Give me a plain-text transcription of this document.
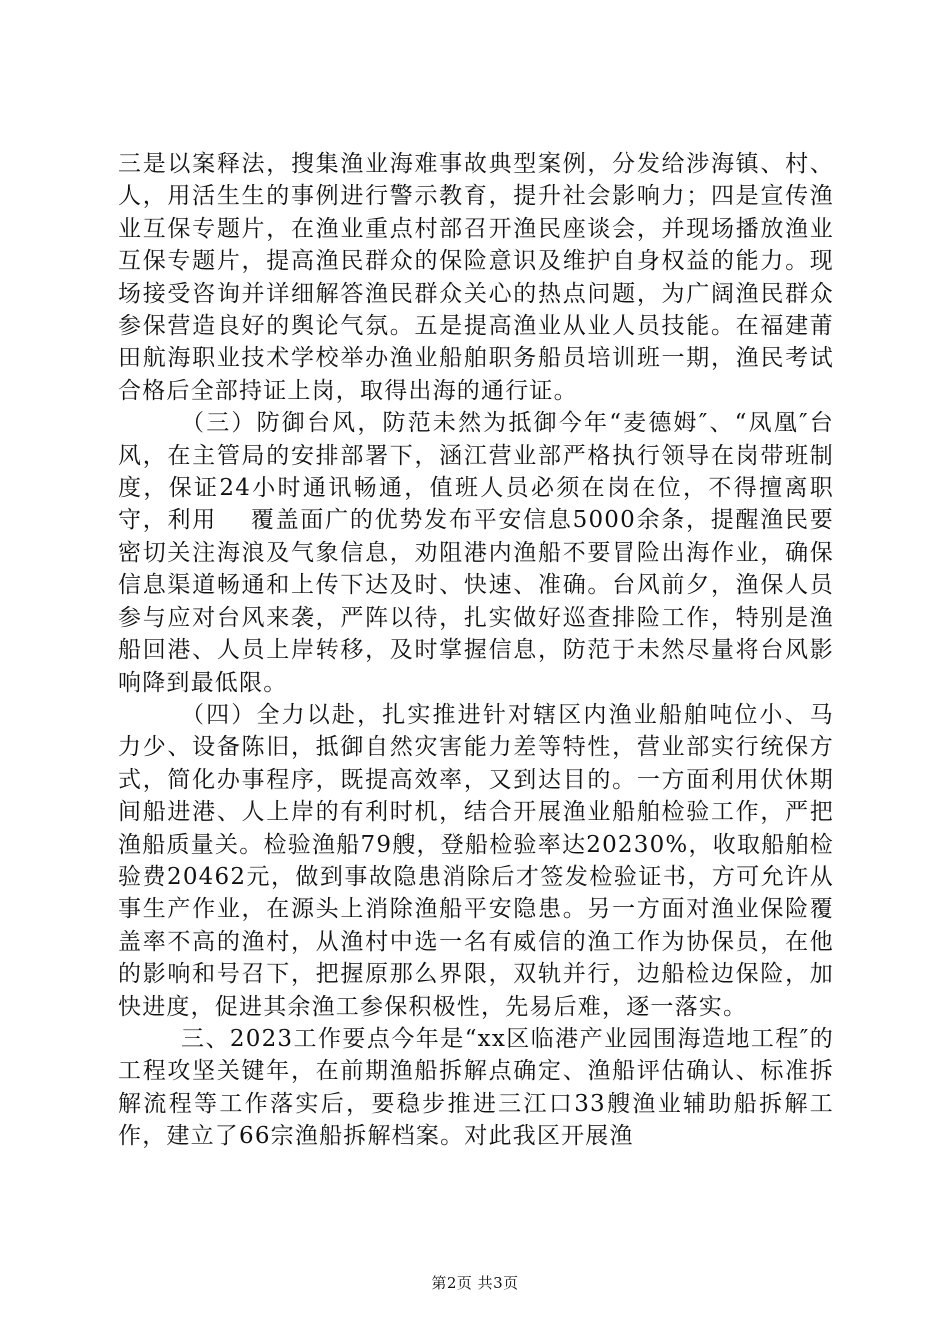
三是以案释法，搜集渔业海难事故典型案例，分发给涉海镇、村、人，用活生生的事例进行警示教育，提升社会影响力；四是宣传渔业互保专题片，在渔业重点村部召开渔民座谈会，并现场播放渔业互保专题片，提高渔民群众的保险意识及维护自身权益的能力。现场接受咨询并详细解答渔民群众关心的热点问题，为广阔渔民群众参保营造良好的舆论气氛。五是提高渔业从业人员技能。在福建莆田航海职业技术学校举办渔业船舶职务船员培训班一期，渔民考试合格后全部持证上岗，取得出海的通行证。

（三）防御台风，防范未然为抵御今年“麦德姆″、“凤凰″台风，在主管局的安排部署下，涵江营业部严格执行领导在岗带班制度，保证24小时通讯畅通，值班人员必须在岗在位，不得擅离职守，利用　 覆盖面广的优势发布平安信息5000余条，提醒渔民要密切关注海浪及气象信息，劝阻港内渔船不要冒险出海作业，确保信息渠道畅通和上传下达及时、快速、准确。台风前夕，渔保人员参与应对台风来袭，严阵以待，扎实做好巡查排险工作，特别是渔船回港、人员上岸转移，及时掌握信息，防范于未然尽量将台风影响降到最低限。

（四）全力以赴，扎实推进针对辖区内渔业船舶吨位小、马力少、设备陈旧，抵御自然灾害能力差等特性，营业部实行统保方式，简化办事程序，既提高效率，又到达目的。一方面利用伏休期间船进港、人上岸的有利时机，结合开展渔业船舶检验工作，严把渔船质量关。检验渔船79艘，登船检验率达20230%，收取船舶检验费20462元，做到事故隐患消除后才签发检验证书，方可允许从事生产作业，在源头上消除渔船平安隐患。另一方面对渔业保险覆盖率不高的渔村，从渔村中选一名有威信的渔工作为协保员，在他的影响和号召下，把握原那么界限，双轨并行，边船检边保险，加快进度，促进其余渔工参保积极性，先易后难，逐一落实。

三、2023工作要点今年是“xx区临港产业园围海造地工程″的工程攻坚关键年，在前期渔船拆解点确定、渔船评估确认、标准拆解流程等工作落实后，要稳步推进三江口33艘渔业辅助船拆解工作，建立了66宗渔船拆解档案。对此我区开展渔

第2页 共3页
